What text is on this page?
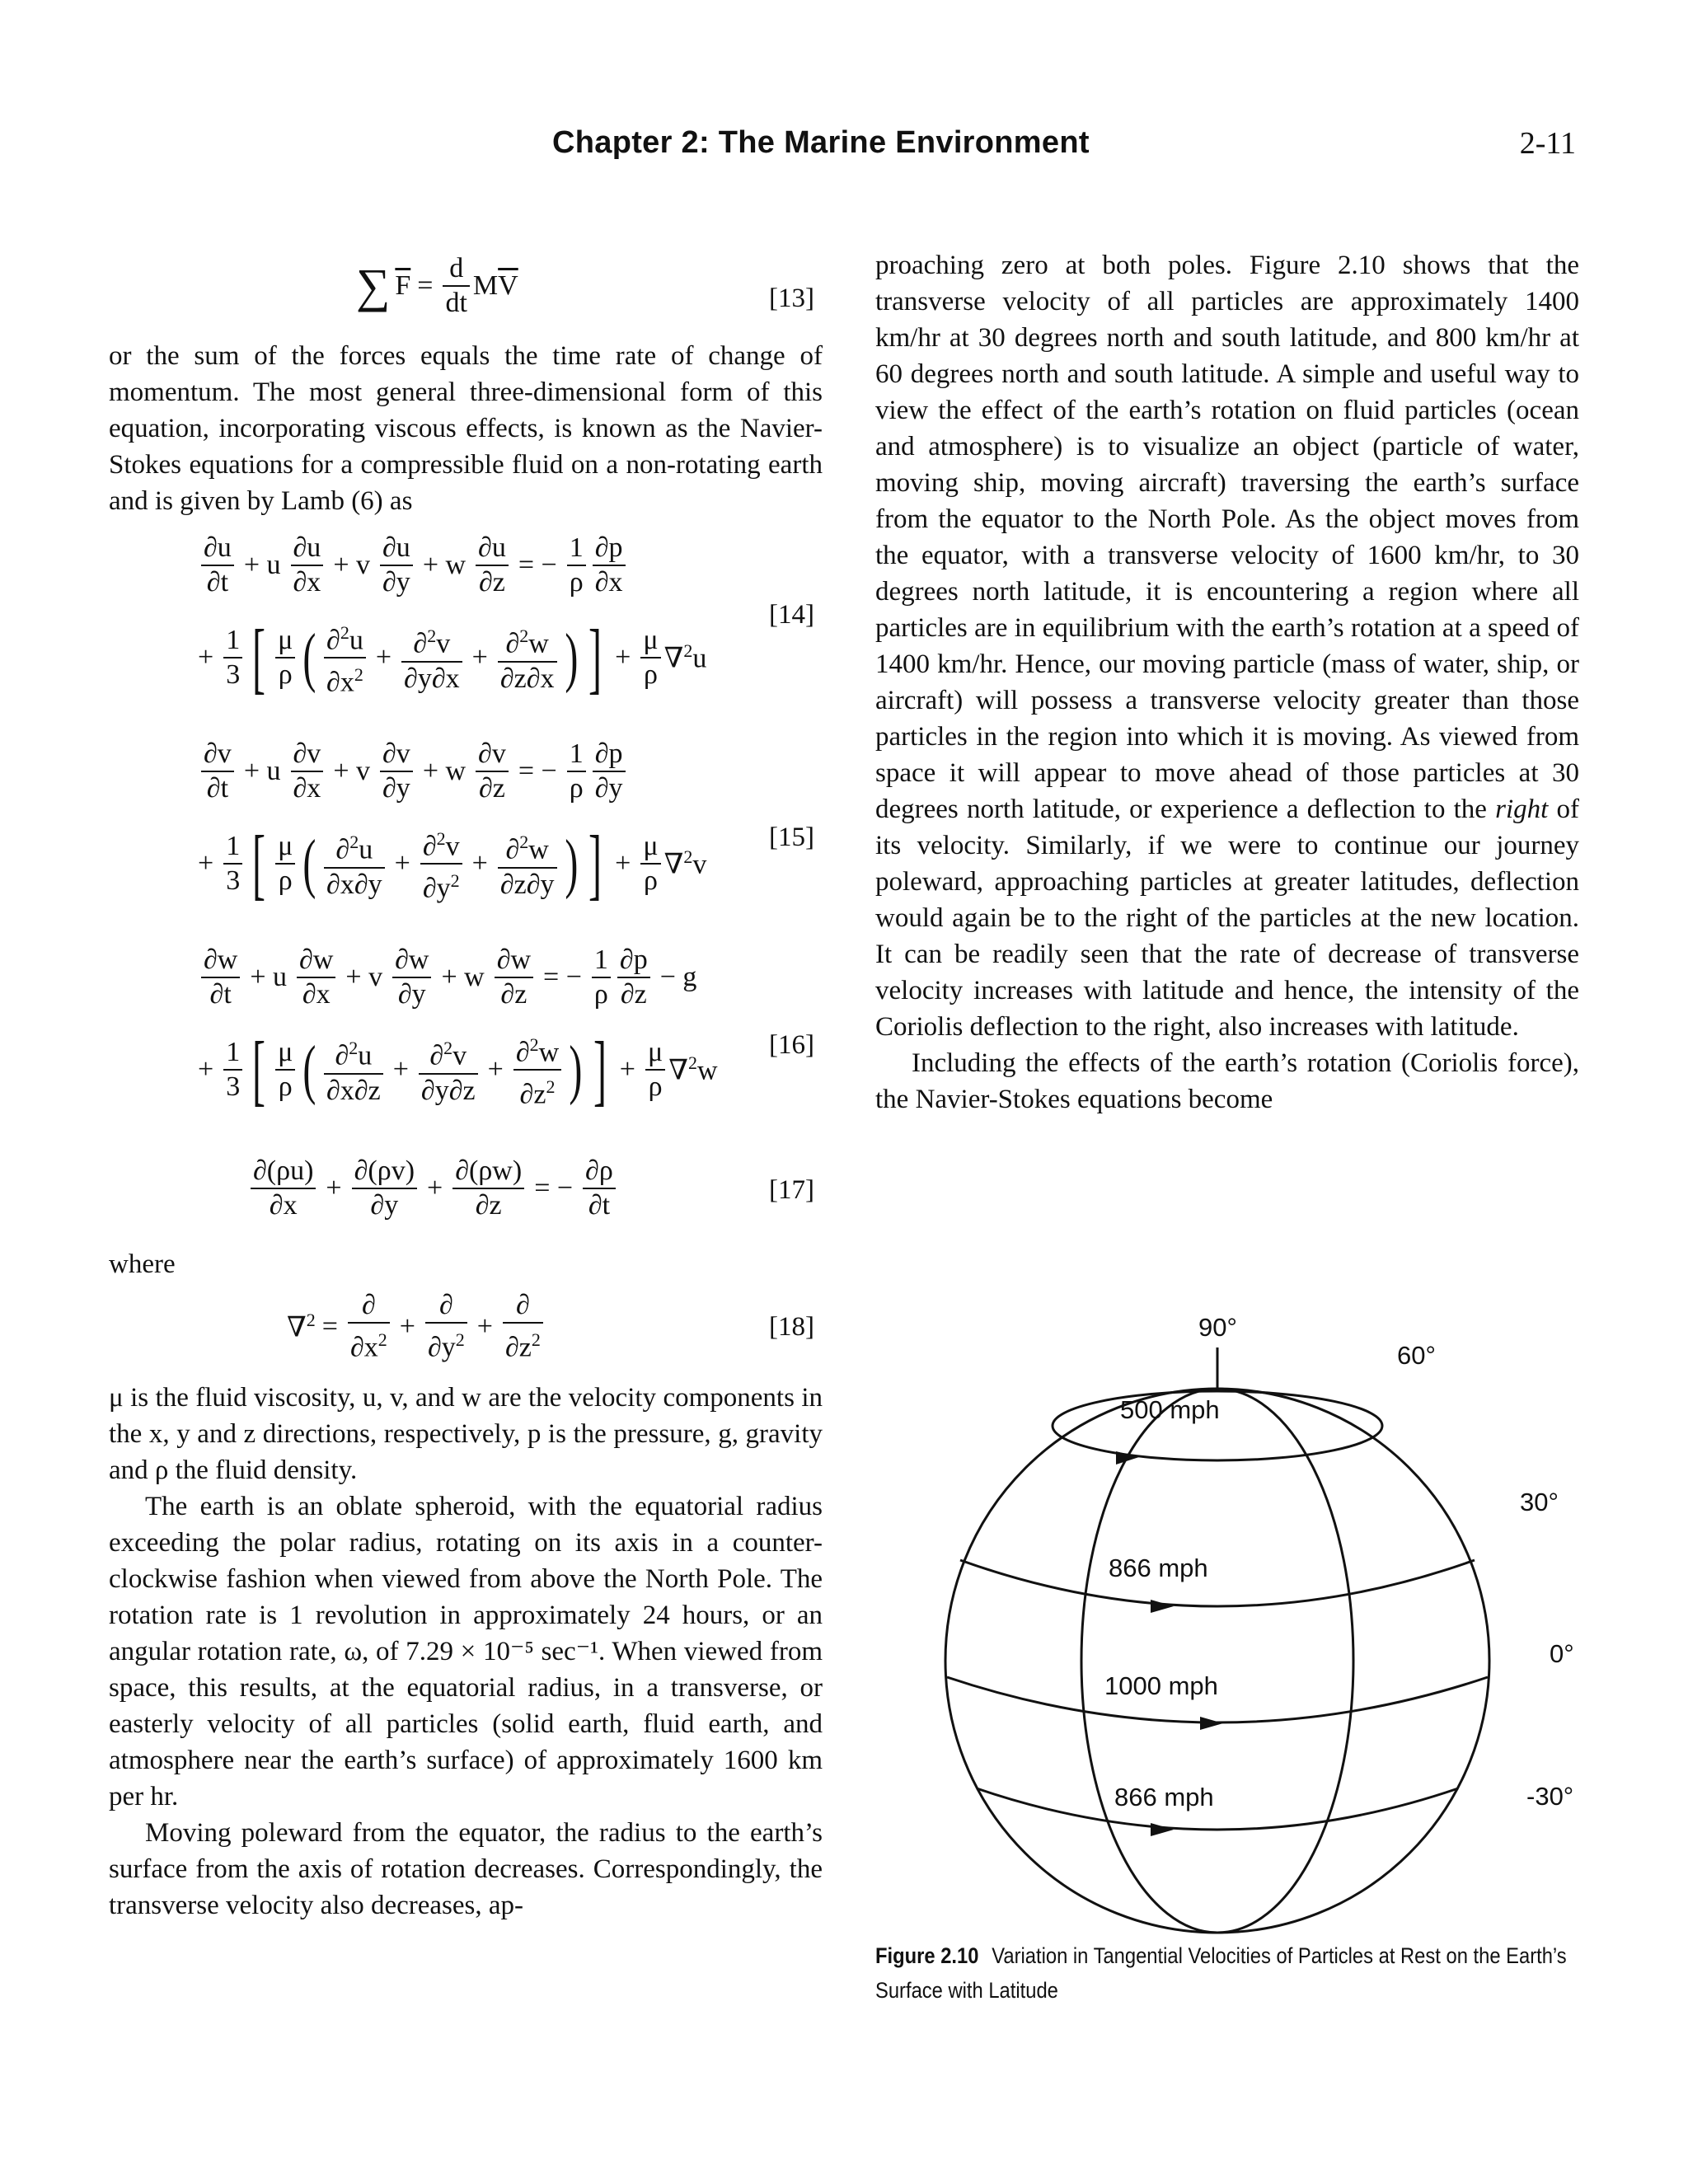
Chapter 2: The Marine Environment	2-11
∑ $\overline{F} = \frac{d}{dt} M\overline{V}$	[13]

or the sum of the forces equals the time rate of change of momentum. The most general three-dimensional form of this equation, incorporating viscous effects, is known as the Navier-Stokes equations for a compressible fluid on a non-rotating earth and is given by Lamb (6) as

$\frac{\partial u}{\partial t} + u \frac{\partial u}{\partial x} + v \frac{\partial u}{\partial y} + w \frac{\partial u}{\partial z}$ = − $\frac{1}{\rho} \frac{\partial p}{\partial x}$
+ $\frac{1}{3}$ [ $\frac{\mu}{\rho}$ ( $\frac{\partial^2u}{\partial x^2} + \frac{\partial^2v}{\partial y\partial x} + \frac{\partial^2w}{\partial z\partial x}$ ) ] + $\frac{\mu}{\rho} \nabla^2u$
[14]
$\frac{\partial v}{\partial t} + u \frac{\partial v}{\partial x} + v \frac{\partial v}{\partial y} + w \frac{\partial v}{\partial z}$ = − $\frac{1}{\rho} \frac{\partial p}{\partial y}$
+ $\frac{1}{3}$ [ $\frac{\mu}{\rho}$ ( $\frac{\partial^2u}{\partial x\partial y} + \frac{\partial^2v}{\partial y^2} + \frac{\partial^2w}{\partial z\partial y}$ ) ] + $\frac{\mu}{\rho} \nabla^2v$
[15]
$\frac{\partial w}{\partial t} + u \frac{\partial w}{\partial x} + v \frac{\partial w}{\partial y} + w \frac{\partial w}{\partial z}$ = − $\frac{1}{\rho} \frac{\partial p}{\partial z} - g$
+ $\frac{1}{3}$ [ $\frac{\mu}{\rho}$ ( $\frac{\partial^2u}{\partial x\partial z} + \frac{\partial^2v}{\partial y\partial z} + \frac{\partial^2w}{\partial z^2}$ ) ] + $\frac{\mu}{\rho} \nabla^2w$
[16]
$\frac{\partial(\rho u)}{\partial x} + \frac{\partial(\rho v)}{\partial y} + \frac{\partial(\rho w)}{\partial z}$ = − $\frac{\partial\rho}{\partial t}$	[17]

where

$\nabla^2 = \frac{\partial}{\partial x^2} + \frac{\partial}{\partial y^2} + \frac{\partial}{\partial z^2}$	[18]

μ is the fluid viscosity, u, v, and w are the velocity components in the x, y and z directions, respectively, p is the pressure, g, gravity and ρ the fluid density.

The earth is an oblate spheroid, with the equatorial radius exceeding the polar radius, rotating on its axis in a counter-clockwise fashion when viewed from above the North Pole. The rotation rate is 1 revolution in approximately 24 hours, or an angular rotation rate, ω, of 7.29 × 10⁻⁵ sec⁻¹. When viewed from space, this results, at the equatorial radius, in a transverse, or easterly velocity of all particles (solid earth, fluid earth, and atmosphere near the earth’s surface) of approximately 1600 km per hr.

Moving poleward from the equator, the radius to the earth’s surface from the axis of rotation decreases. Correspondingly, the transverse velocity also decreases, ap-

proaching zero at both poles. Figure 2.10 shows that the transverse velocity of all particles are approximately 1400 km/hr at 30 degrees north and south latitude, and 800 km/hr at 60 degrees north and south latitude. A simple and useful way to view the effect of the earth’s rotation on fluid particles (ocean and atmosphere) is to visualize an object (particle of water, moving ship, moving aircraft) traversing the earth’s surface from the equator to the North Pole. As the object moves from the equator, with a transverse velocity of 1600 km/hr, to 30 degrees north latitude, it is encountering a region where all particles are in equilibrium with the earth’s rotation at a speed of 1400 km/hr. Hence, our moving particle (mass of water, ship, or aircraft) will possess a transverse velocity greater than those particles in the region into which it is moving. As viewed from space it will appear to move ahead of those particles at 30 degrees north latitude, or experience a deflection to the right of its velocity. Similarly, if we were to continue our journey poleward, approaching particles at greater latitudes, deflection would again be to the right of the particles at the new location. It can be readily seen that the rate of decrease of transverse velocity increases with latitude and hence, the intensity of the Coriolis deflection to the right, also increases with latitude.

Including the effects of the earth’s rotation (Coriolis force), the Navier-Stokes equations become

90°
60°
30°
0°
-30°
500 mph
866 mph
1000 mph
866 mph
Figure 2.10 Variation in Tangential Velocities of Particles at Rest on the Earth’s Surface with Latitude
